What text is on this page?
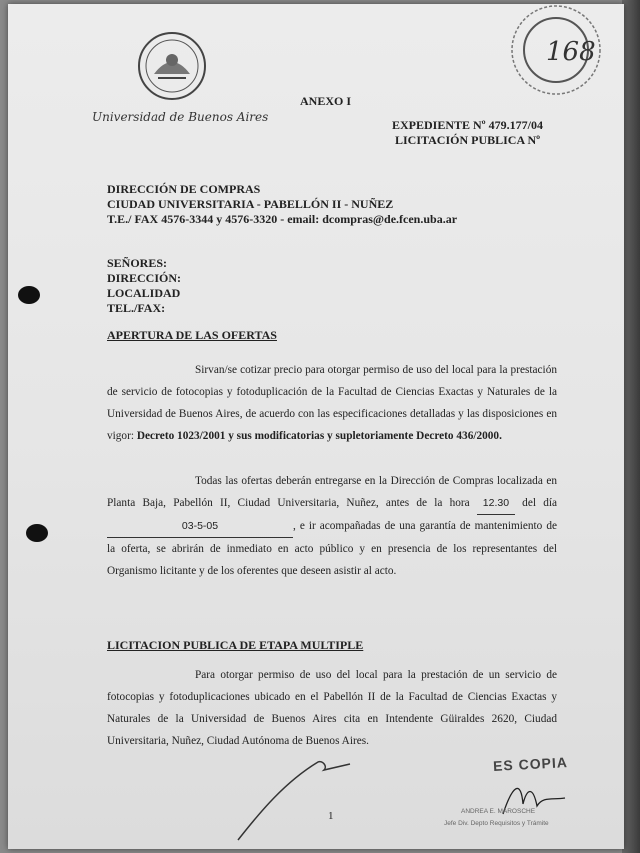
Universidad de Buenos Aires
ANEXO I
EXPEDIENTE Nº 479.177/04
LICITACIÓN PUBLICA Nº
168
DIRECCIÓN DE COMPRAS
CIUDAD UNIVERSITARIA - PABELLÓN II - NUÑEZ
T.E./ FAX 4576-3344 y 4576-3320 - email: dcompras@de.fcen.uba.ar
SEÑORES:
DIRECCIÓN:
LOCALIDAD
TEL./FAX:
APERTURA DE LAS OFERTAS
Sirvan/se cotizar precio para otorgar permiso de uso del local para la prestación de servicio de fotocopias y fotoduplicación de la Facultad de Ciencias Exactas y Naturales de la Universidad de Buenos Aires, de acuerdo con las especificaciones detalladas y las disposiciones en vigor: Decreto 1023/2001 y sus modificatorias y supletoriamente Decreto 436/2000.
Todas las ofertas deberán entregarse en la Dirección de Compras localizada en Planta Baja, Pabellón II, Ciudad Universitaria, Nuñez, antes de la hora 12.30 del día 03-5-05	, e ir acompañadas de una garantía de mantenimiento de la oferta, se abrirán de inmediato en acto público y en presencia de los representantes del Organismo licitante y de los oferentes que deseen asistir al acto.
LICITACION PUBLICA DE ETAPA MULTIPLE
Para otorgar permiso de uso del local para la prestación de un servicio de fotocopias y fotoduplicaciones ubicado en el Pabellón II de la Facultad de Ciencias Exactas y Naturales de la Universidad de Buenos Aires cita en Intendente Güiraldes 2620, Ciudad Universitaria, Nuñez, Ciudad Autónoma de Buenos Aires.
ES COPIA
ANDREA E. MAROSCHE
Jefe Div. Depto Requisitos y Trámite
1
